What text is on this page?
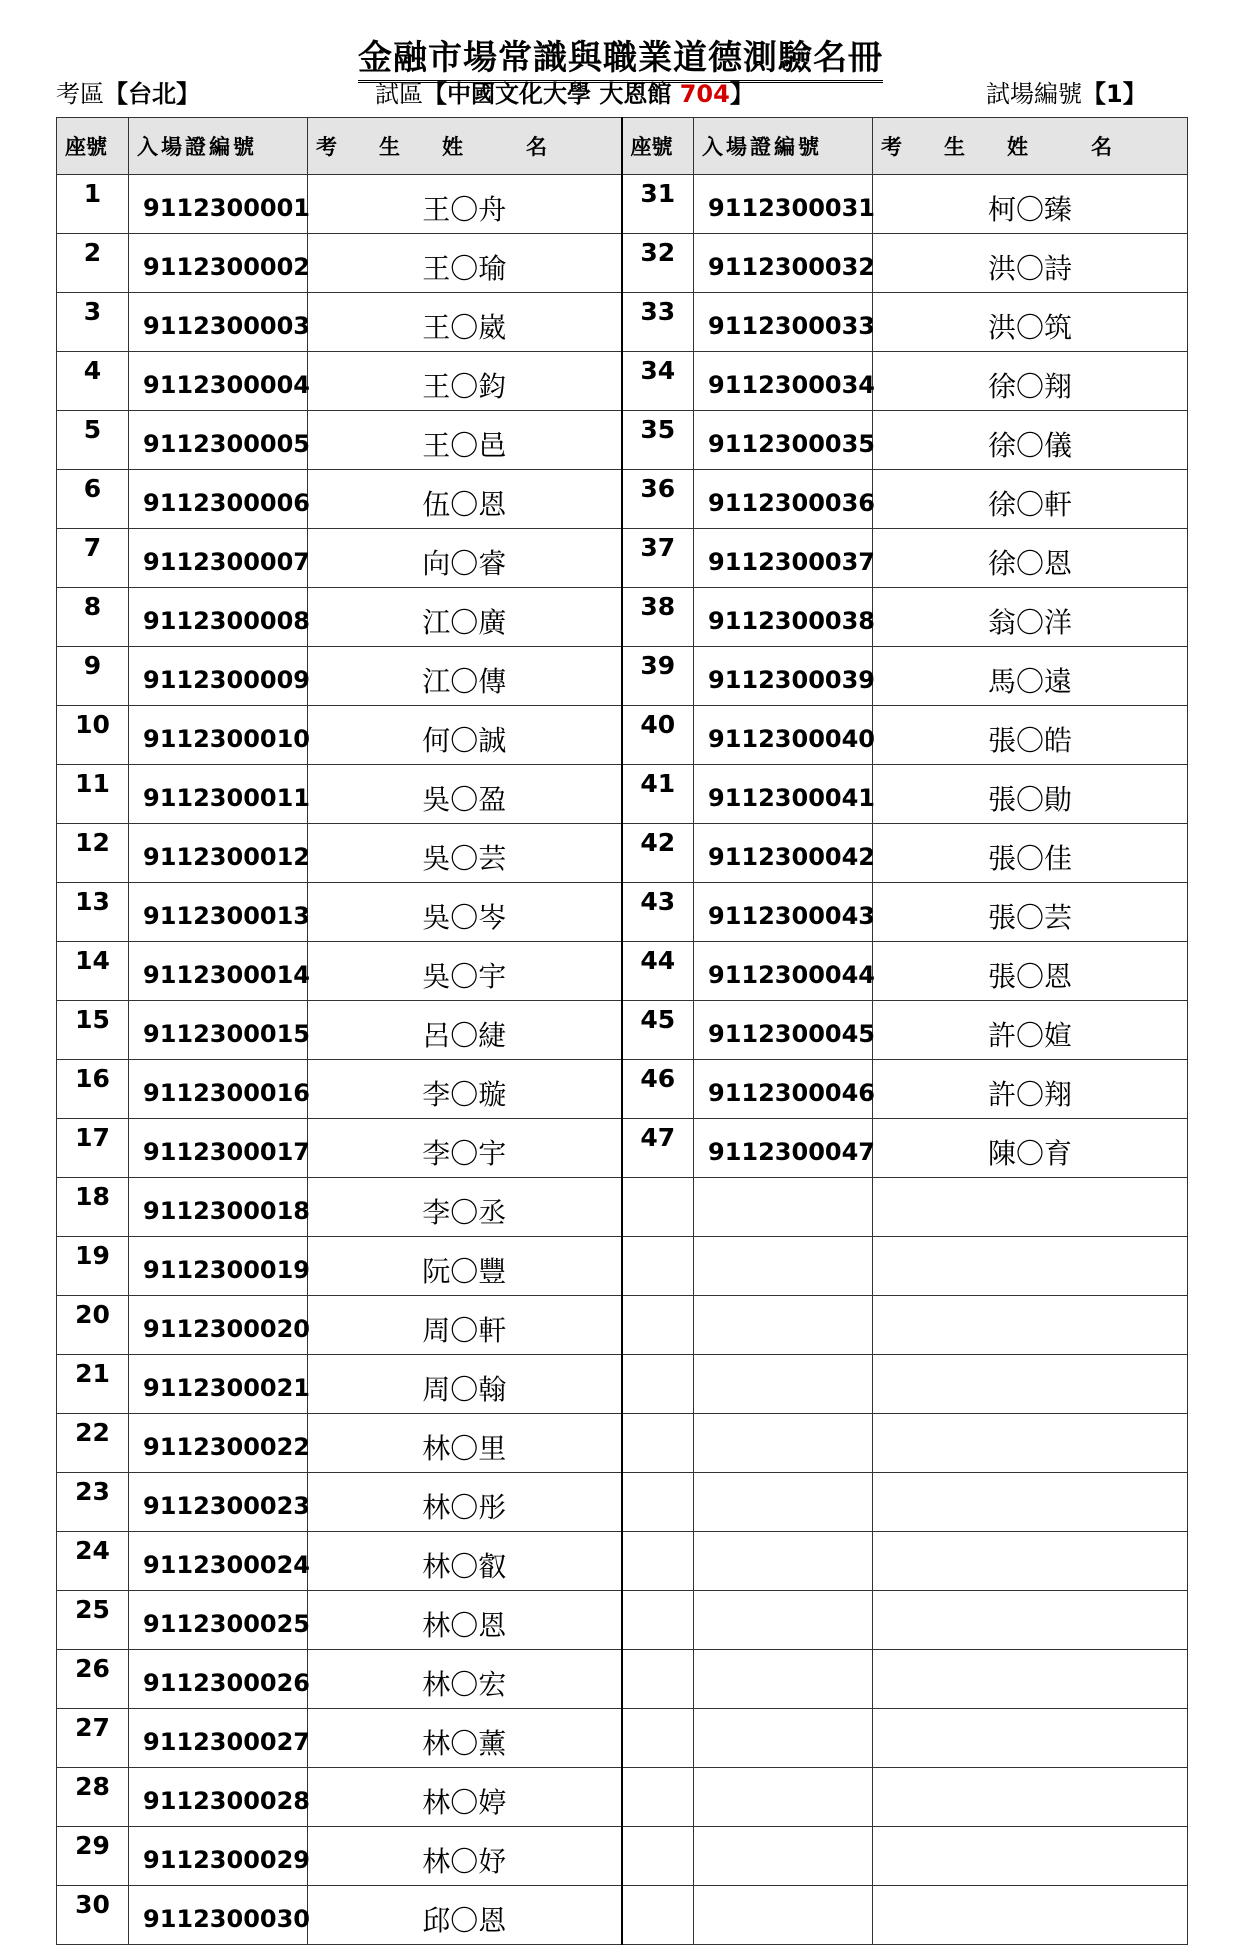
金融市場常識與職業道德測驗名冊
考區【台北】	試區【中國文化大學 大恩館 704】	試場編號【1】
座號	入場證編號	考　　生　　姓　　　名	座號	入場證編號	考　　生　　姓　　　名
1	9112300001	王〇舟	31	9112300031	柯〇臻
2	9112300002	王〇瑜	32	9112300032	洪〇詩
3	9112300003	王〇崴	33	9112300033	洪〇筑
4	9112300004	王〇鈞	34	9112300034	徐〇翔
5	9112300005	王〇邑	35	9112300035	徐〇儀
6	9112300006	伍〇恩	36	9112300036	徐〇軒
7	9112300007	向〇睿	37	9112300037	徐〇恩
8	9112300008	江〇廣	38	9112300038	翁〇洋
9	9112300009	江〇傳	39	9112300039	馬〇遠
10	9112300010	何〇誠	40	9112300040	張〇皓
11	9112300011	吳〇盈	41	9112300041	張〇勛
12	9112300012	吳〇芸	42	9112300042	張〇佳
13	9112300013	吳〇岑	43	9112300043	張〇芸
14	9112300014	吳〇宇	44	9112300044	張〇恩
15	9112300015	呂〇緁	45	9112300045	許〇媗
16	9112300016	李〇璇	46	9112300046	許〇翔
17	9112300017	李〇宇	47	9112300047	陳〇育
18	9112300018	李〇丞			
19	9112300019	阮〇豐			
20	9112300020	周〇軒			
21	9112300021	周〇翰			
22	9112300022	林〇里			
23	9112300023	林〇彤			
24	9112300024	林〇叡			
25	9112300025	林〇恩			
26	9112300026	林〇宏			
27	9112300027	林〇薰			
28	9112300028	林〇婷			
29	9112300029	林〇妤			
30	9112300030	邱〇恩			
